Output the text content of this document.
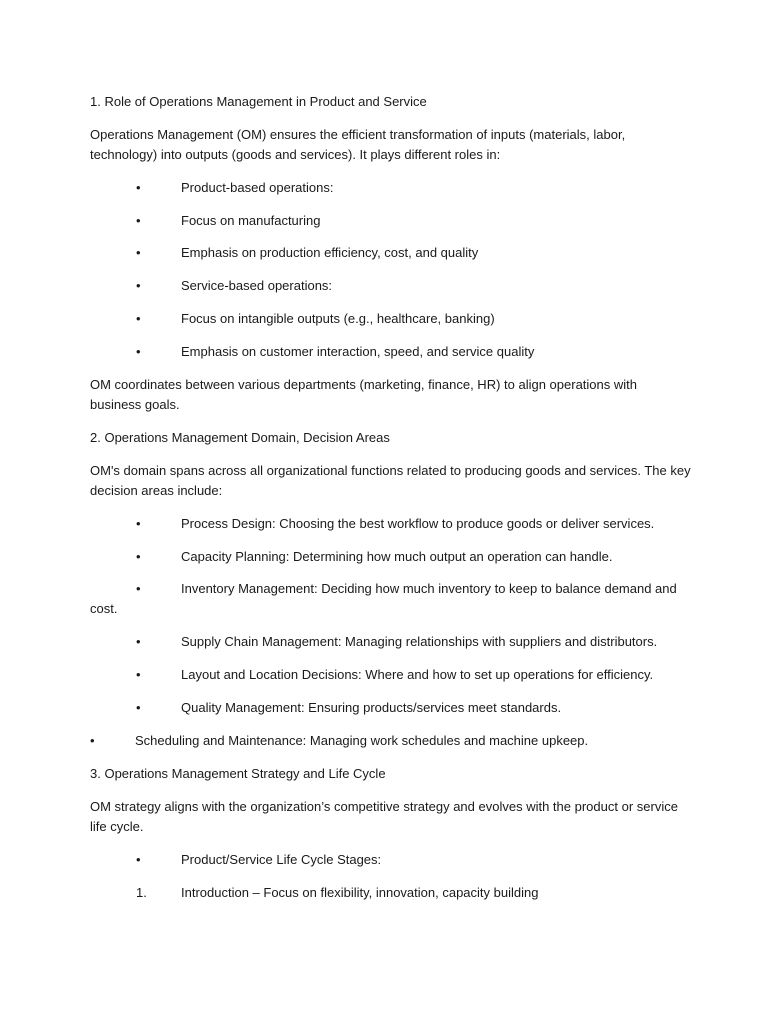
1. Role of Operations Management in Product and Service
Operations Management (OM) ensures the efficient transformation of inputs (materials, labor,
technology) into outputs (goods and services). It plays different roles in:
•	Product-based operations:
•	Focus on manufacturing
•	Emphasis on production efficiency, cost, and quality
•	Service-based operations:
•	Focus on intangible outputs (e.g., healthcare, banking)
•	Emphasis on customer interaction, speed, and service quality
OM coordinates between various departments (marketing, finance, HR) to align operations with
business goals.
2. Operations Management Domain, Decision Areas
OM's domain spans across all organizational functions related to producing goods and services. The key
decision areas include:
•	Process Design: Choosing the best workflow to produce goods or deliver services.
•	Capacity Planning: Determining how much output an operation can handle.
•	Inventory Management: Deciding how much inventory to keep to balance demand and
cost.
•	Supply Chain Management: Managing relationships with suppliers and distributors.
•	Layout and Location Decisions: Where and how to set up operations for efficiency.
•	Quality Management: Ensuring products/services meet standards.
•	Scheduling and Maintenance: Managing work schedules and machine upkeep.
3. Operations Management Strategy and Life Cycle
OM strategy aligns with the organization’s competitive strategy and evolves with the product or service
life cycle.
•	Product/Service Life Cycle Stages:
1.	Introduction – Focus on flexibility, innovation, capacity building
